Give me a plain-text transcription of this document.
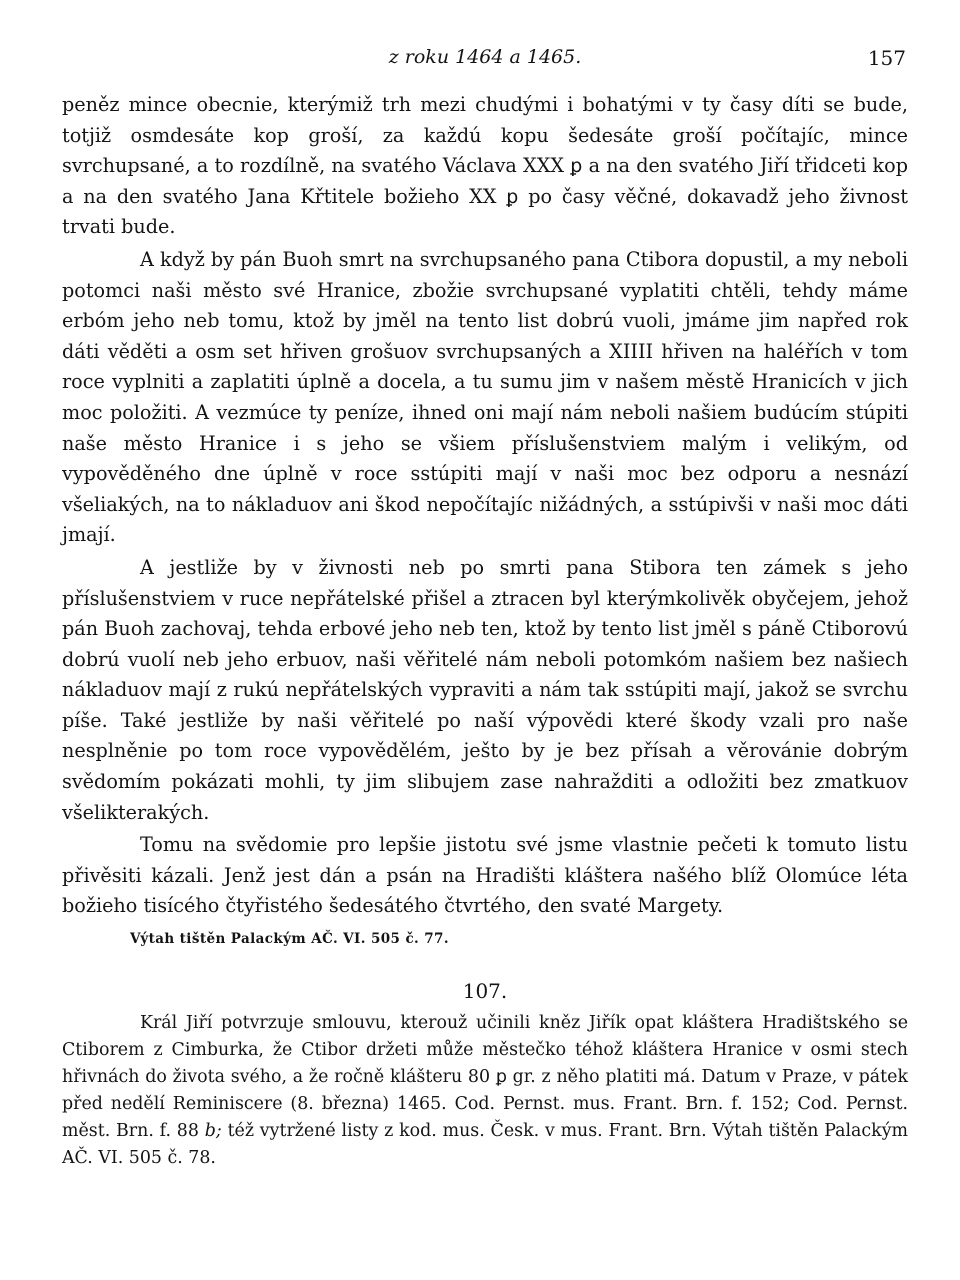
z roku 1464 a 1465.	157

peněz mince obecnie, kterýmiž trh mezi chudými i bohatými v ty časy díti se bude, totjiž osmdesáte kop groší, za každú kopu šedesáte groší počítajíc, mince svrchupsané, a to rozdílně, na svatého Václava XXX ꝑ a na den svatého Jiří třidceti kop a na den svatého Jana Křtitele božieho XX ꝑ po časy věčné, dokavadž jeho živnost trvati bude.

A když by pán Buoh smrt na svrchupsaného pana Ctibora dopustil, a my neboli potomci naši město své Hranice, zbožie svrchupsané vyplatiti chtěli, tehdy máme erbóm jeho neb tomu, ktož by jměl na tento list dobrú vuoli, jmáme jim napřed rok dáti věděti a osm set hřiven grošuov svrchupsaných a XIIII hřiven na haléřích v tom roce vyplniti a zaplatiti úplně a docela, a tu sumu jim v našem městě Hranicích v jich moc položiti. A vezmúce ty peníze, ihned oni mají nám neboli našiem budúcím stúpiti naše město Hranice i s jeho se všiem příslušenstviem malým i velikým, od vypověděného dne úplně v roce sstúpiti mají v naši moc bez odporu a nesnází všeliakých, na to nákladuov ani škod nepočítajíc nižádných, a sstúpivši v naši moc dáti jmají.

A jestliže by v živnosti neb po smrti pana Stibora ten zámek s jeho příslušenstviem v ruce nepřátelské přišel a ztracen byl kterýmkolivěk obyčejem, jehož pán Buoh zachovaj, tehda erbové jeho neb ten, ktož by tento list jměl s páně Ctiborovú dobrú vuolí neb jeho erbuov, naši věřitelé nám neboli potomkóm našiem bez našiech nákladuov mají z rukú nepřátelských vypraviti a nám tak sstúpiti mají, jakož se svrchu píše. Také jestliže by naši věřitelé po naší výpovědi které škody vzali pro naše nesplněnie po tom roce vypovědělém, ješto by je bez přísah a věrovánie dobrým svědomím pokázati mohli, ty jim slibujem zase nahražditi a odložiti bez zmatkuov všelikterakých.

Tomu na svědomie pro lepšie jistotu své jsme vlastnie pečeti k tomuto listu přivěsiti kázali. Jenž jest dán a psán na Hradišti kláštera našého blíž Olomúce léta božieho tisícého čtyřistého šedesátého čtvrtého, den svaté Margety.

Výtah tištěn Palackým AČ. VI. 505 č. 77.
107.

Král Jiří potvrzuje smlouvu, kterouž učinili kněz Jiřík opat kláštera Hradištského se Ctiborem z Cimburka, že Ctibor držeti může městečko téhož kláštera Hranice v osmi stech hřivnách do života svého, a že ročně klášteru 80 ꝑ gr. z něho platiti má. Datum v Praze, v pátek před nedělí Reminiscere (8. března) 1465. Cod. Pernst. mus. Frant. Brn. f. 152; Cod. Pernst. měst. Brn. f. 88 b; též vytržené listy z kod. mus. Česk. v mus. Frant. Brn. Výtah tištěn Palackým AČ. VI. 505 č. 78.
